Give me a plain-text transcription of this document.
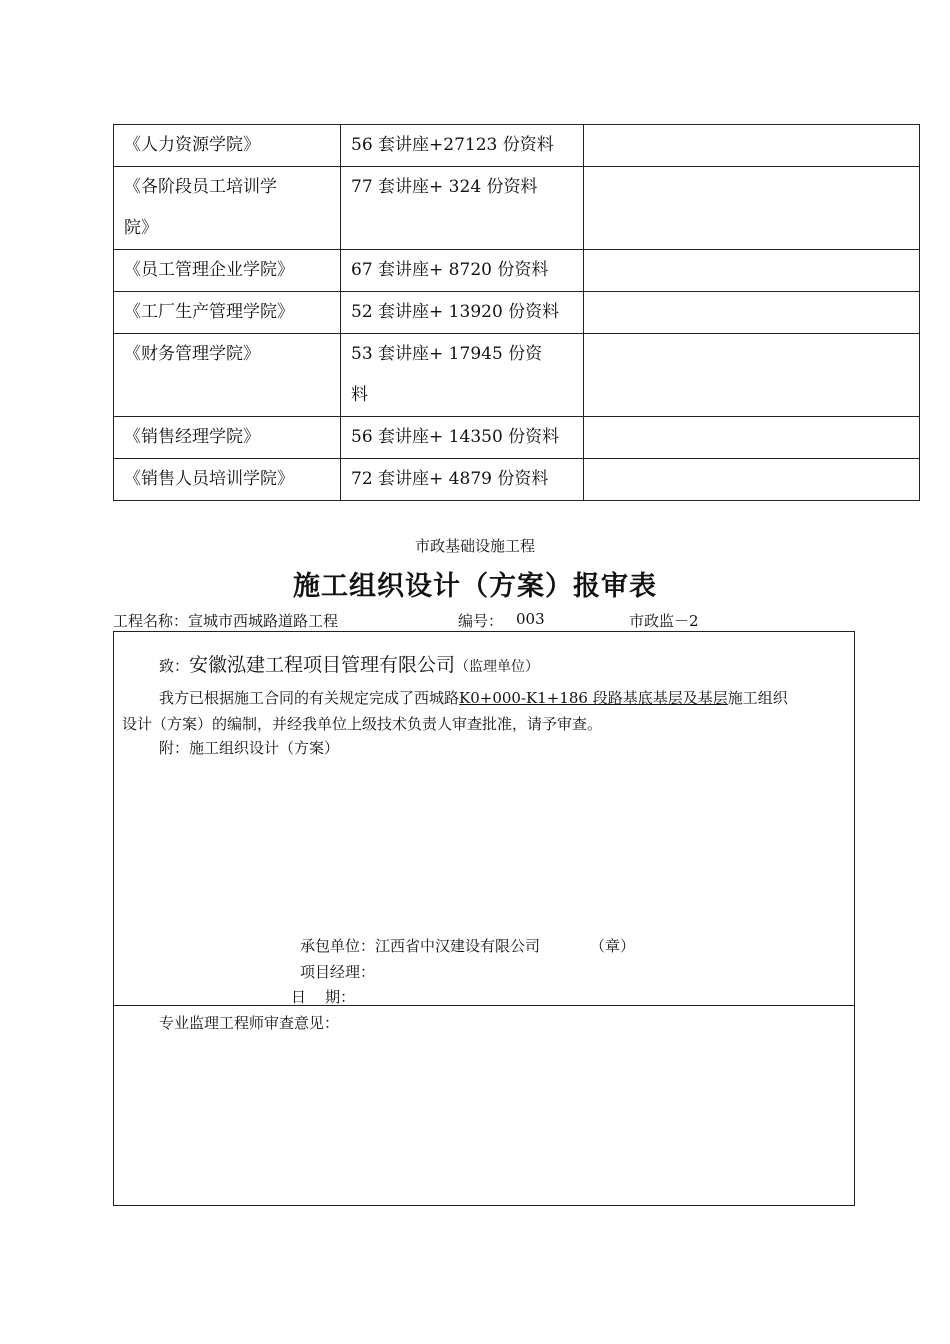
《人力资源学院》	56 套讲座+27123 份资料	

《各阶段员工培训学
院》	77 套讲座+ 324 份资料	

《员工管理企业学院》	67 套讲座+ 8720 份资料	

《工厂生产管理学院》	52 套讲座+ 13920 份资料	

《财务管理学院》	53 套讲座+ 17945 份资
料	

《销售经理学院》	56 套讲座+ 14350 份资料	

《销售人员培训学院》	72 套讲座+ 4879 份资料	

市政基础设施工程
施工组织设计（方案）报审表
工程名称：宣城市西城路道路工程	编号： 003	市政监－2
致：安徽泓建工程项目管理有限公司（监理单位）
我方已根据施工合同的有关规定完成了西城路K0+000-K1+186 段路基底基层及基层施工组织
设计（方案）的编制，并经我单位上级技术负责人审查批准，请予审查。
附：施工组织设计（方案）
承包单位：江西省中汉建设有限公司	（章）
项目经理：
日    期：
专业监理工程师审查意见：
